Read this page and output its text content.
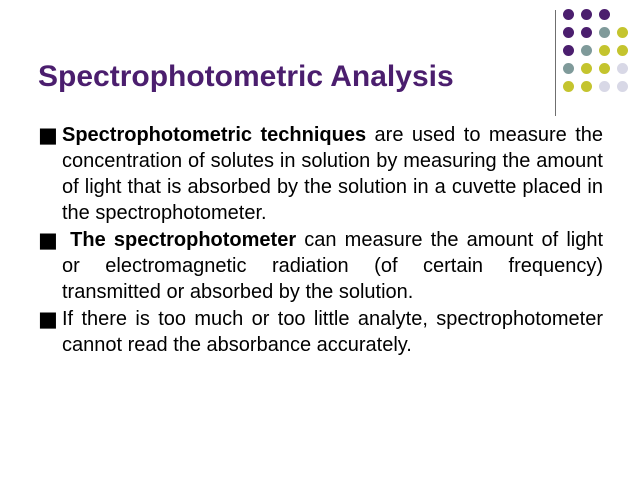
Spectrophotometric Analysis
■ Spectrophotometric techniques are used to measure the concentration of solutes in solution by measuring the amount of light that is absorbed by the solution in a cuvette placed in the spectrophotometer.

■ The spectrophotometer can measure the amount of light or electromagnetic radiation (of certain frequency) transmitted or absorbed by the solution.

■ If there is too much or too little analyte, spectrophotometer cannot read the absorbance accurately.
